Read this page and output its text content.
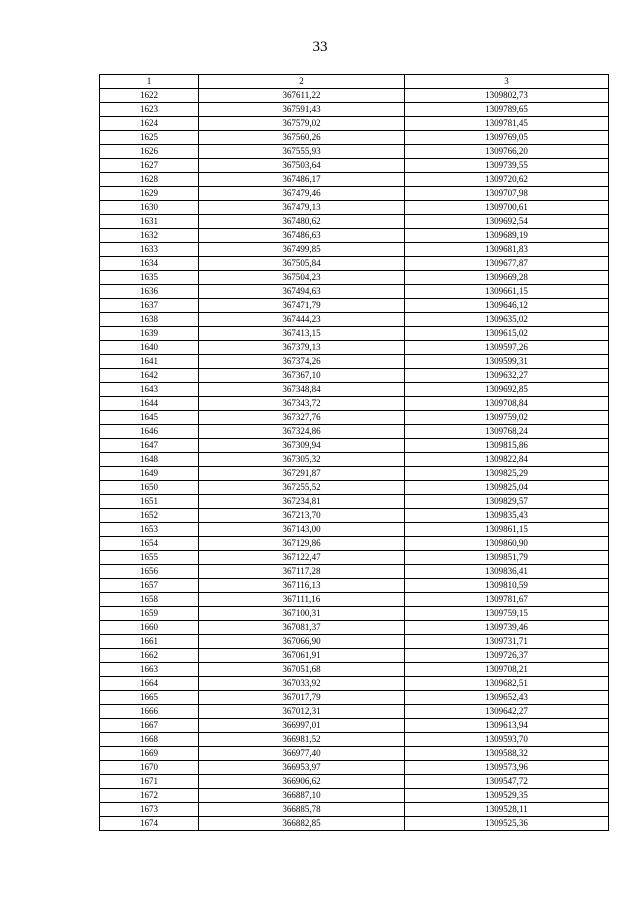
33
1	2	3
1622	367611,22	1309802,73
1623	367591,43	1309789,65
1624	367579,02	1309781,45
1625	367560,26	1309769,05
1626	367555,93	1309766,20
1627	367503,64	1309739,55
1628	367486,17	1309720,62
1629	367479,46	1309707,98
1630	367479,13	1309700,61
1631	367480,62	1309692,54
1632	367486,63	1309689,19
1633	367499,85	1309681,83
1634	367505,84	1309677,87
1635	367504,23	1309669,28
1636	367494,63	1309661,15
1637	367471,79	1309646,12
1638	367444,23	1309635,02
1639	367413,15	1309615,02
1640	367379,13	1309597,26
1641	367374,26	1309599,31
1642	367367,10	1309632,27
1643	367348,84	1309692,85
1644	367343,72	1309708,84
1645	367327,76	1309759,02
1646	367324,86	1309768,24
1647	367309,94	1309815,86
1648	367305,32	1309822,84
1649	367291,87	1309825,29
1650	367255,52	1309825,04
1651	367234,81	1309829,57
1652	367213,70	1309835,43
1653	367143,00	1309861,15
1654	367129,86	1309860,90
1655	367122,47	1309851,79
1656	367117,28	1309836,41
1657	367116,13	1309810,59
1658	367111,16	1309781,67
1659	367100,31	1309759,15
1660	367081,37	1309739,46
1661	367066,90	1309731,71
1662	367061,91	1309726,37
1663	367051,68	1309708,21
1664	367033,92	1309682,51
1665	367017,79	1309652,43
1666	367012,31	1309642,27
1667	366997,01	1309613,94
1668	366981,52	1309593,70
1669	366977,40	1309588,32
1670	366953,97	1309573,96
1671	366906,62	1309547,72
1672	366887,10	1309529,35
1673	366885,78	1309528,11
1674	366882,85	1309525,36
